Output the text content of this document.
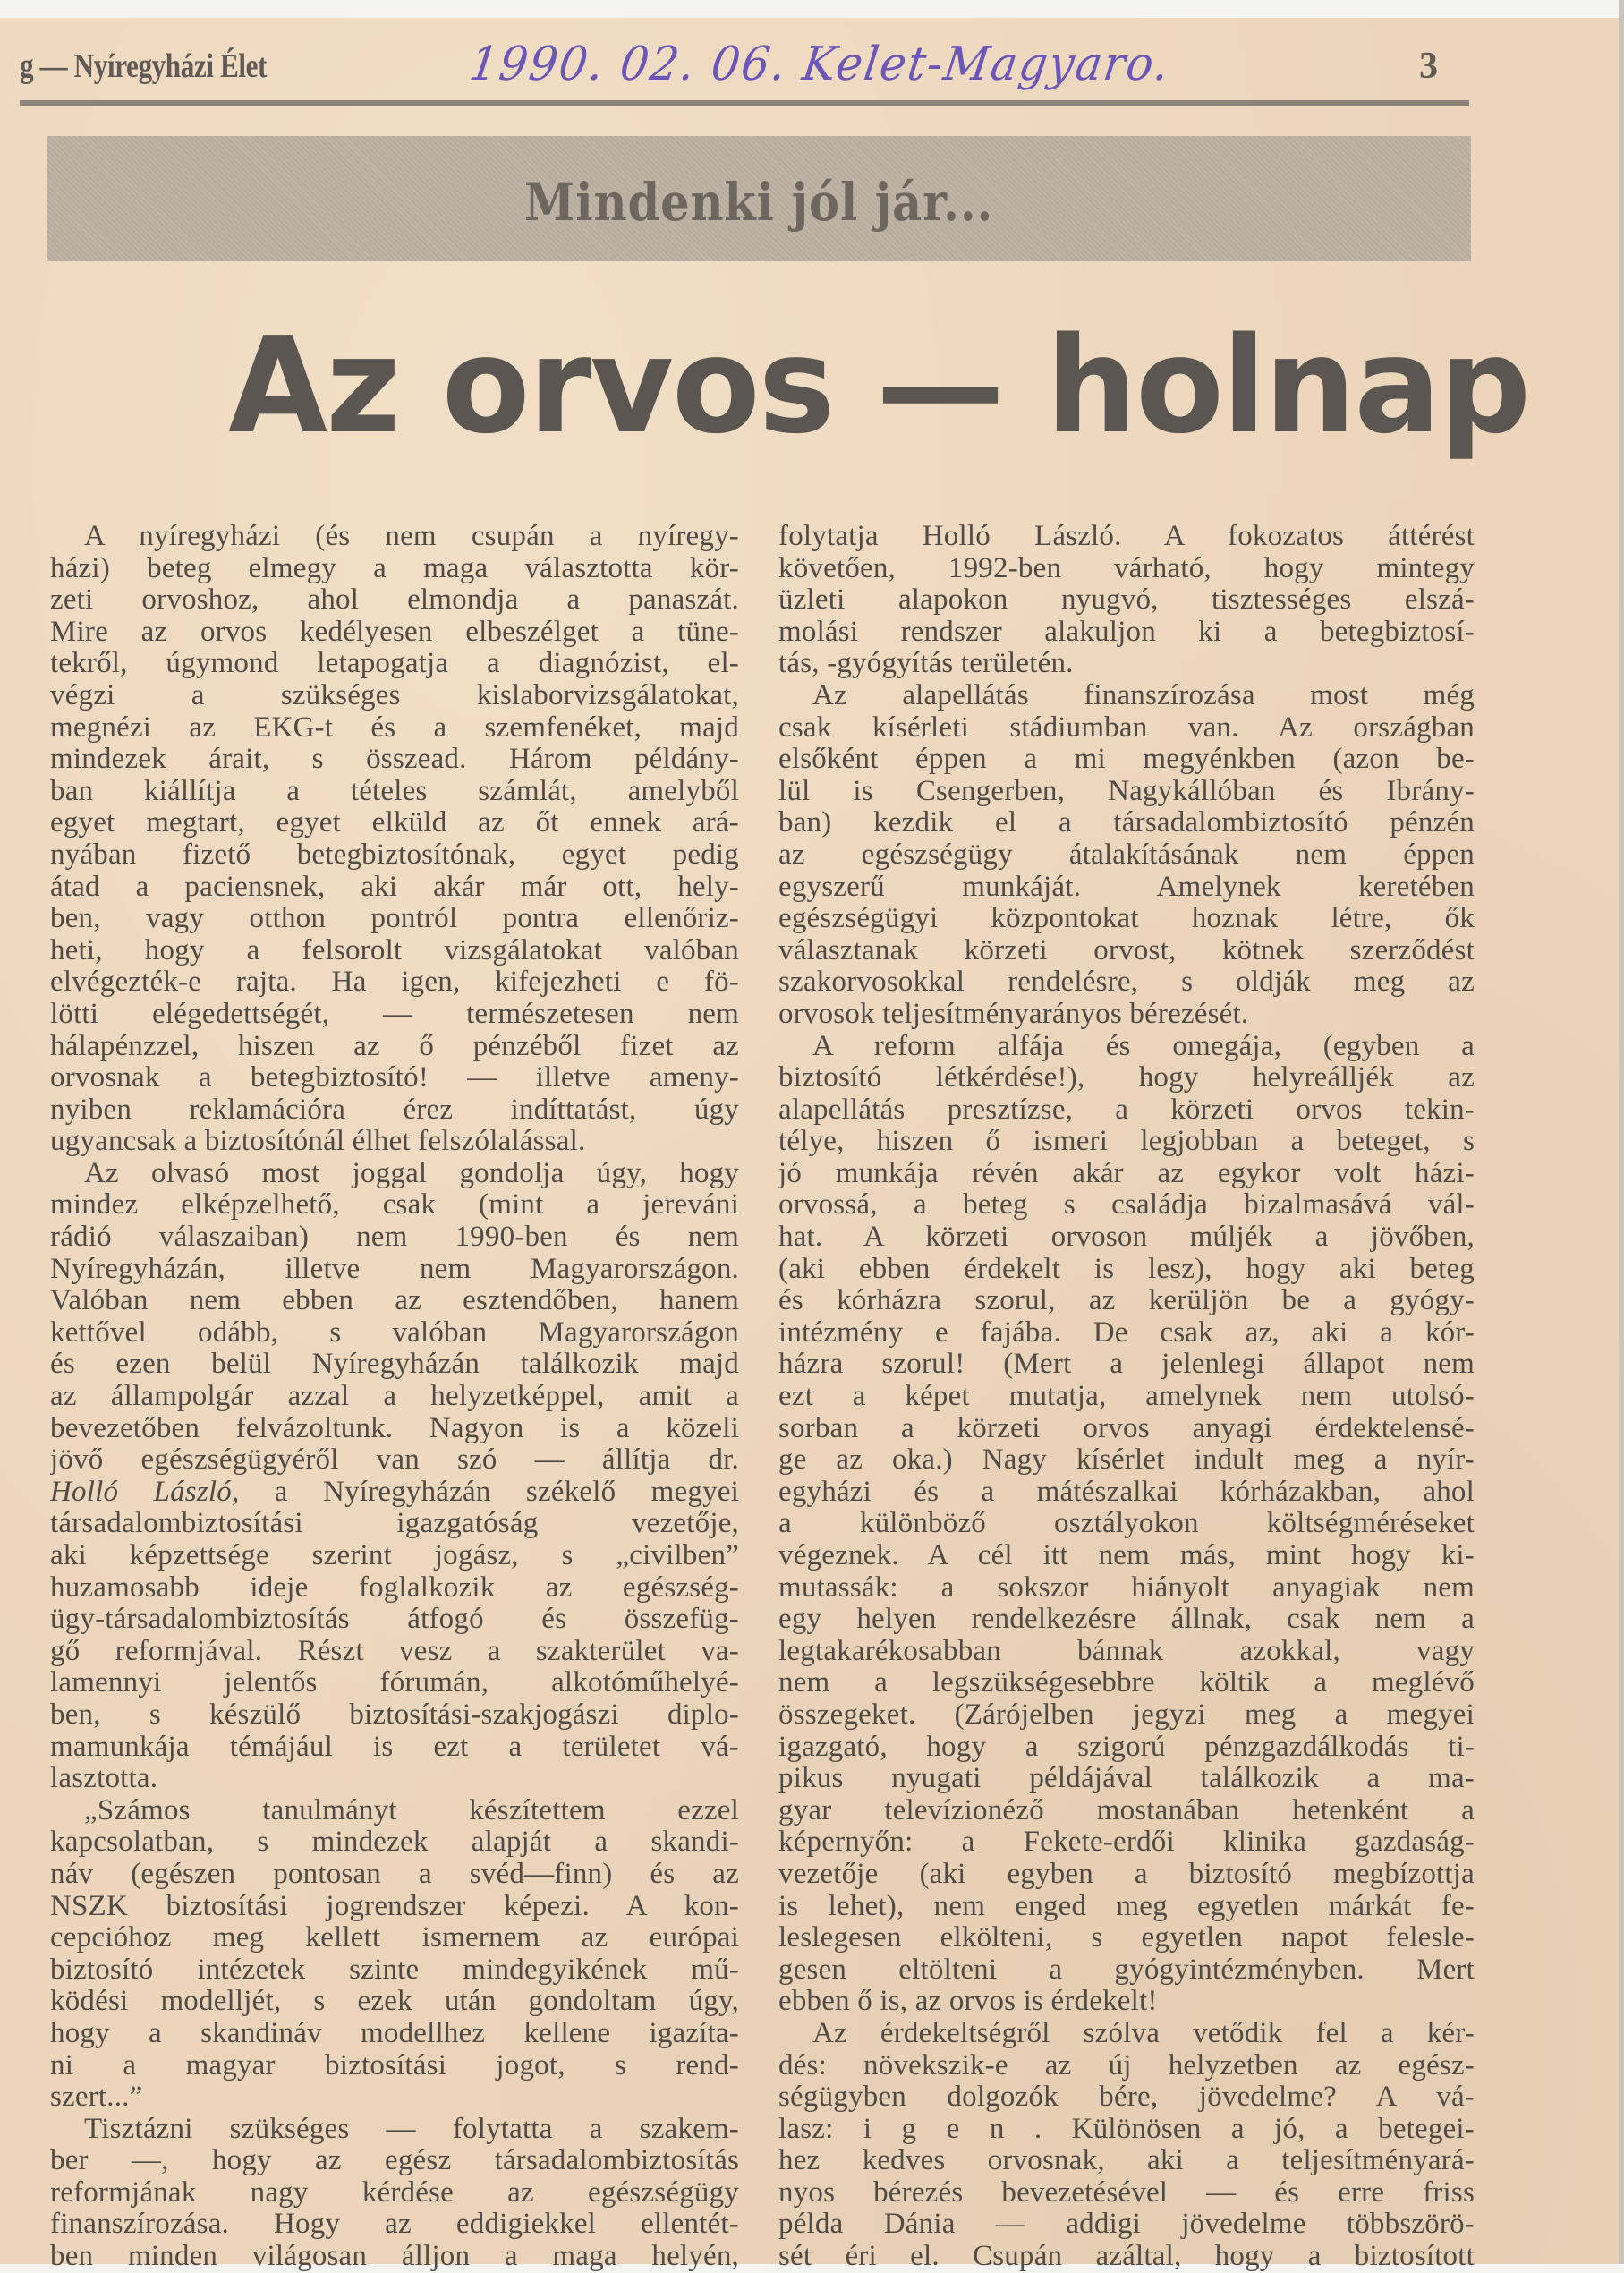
g — Nyíregyházi Élet	1990. 02. 06. Kelet-Magyaro.	3
Mindenki jól jár...
Az orvos — holnap
A nyíregyházi (és nem csupán a nyíregy-
házi) beteg elmegy a maga választotta kör-
zeti orvoshoz, ahol elmondja a panaszát.
Mire az orvos kedélyesen elbeszélget a tüne-
tekről, úgymond letapogatja a diagnózist, el-
végzi a szükséges kislaborvizsgálatokat,
megnézi az EKG-t és a szemfenéket, majd
mindezek árait, s összead. Három példány-
ban kiállítja a tételes számlát, amelyből
egyet megtart, egyet elküld az őt ennek ará-
nyában fizető betegbiztosítónak, egyet pedig
átad a paciensnek, aki akár már ott, hely-
ben, vagy otthon pontról pontra ellenőriz-
heti, hogy a felsorolt vizsgálatokat valóban
elvégezték-e rajta. Ha igen, kifejezheti e fö-
lötti elégedettségét, — természetesen nem
hálapénzzel, hiszen az ő pénzéből fizet az
orvosnak a betegbiztosító! — illetve ameny-
nyiben reklamációra érez indíttatást, úgy
ugyancsak a biztosítónál élhet felszólalással.
Az olvasó most joggal gondolja úgy, hogy
mindez elképzelhető, csak (mint a jereváni
rádió válaszaiban) nem 1990-ben és nem
Nyíregyházán, illetve nem Magyarországon.
Valóban nem ebben az esztendőben, hanem
kettővel odább, s valóban Magyarországon
és ezen belül Nyíregyházán találkozik majd
az állampolgár azzal a helyzetképpel, amit a
bevezetőben felvázoltunk. Nagyon is a közeli
jövő egészségügyéről van szó — állítja dr.
Holló László, a Nyíregyházán székelő megyei
társadalombiztosítási igazgatóság vezetője,
aki képzettsége szerint jogász, s „civilben”
huzamosabb ideje foglalkozik az egészség-
ügy-társadalombiztosítás átfogó és összefüg-
gő reformjával. Részt vesz a szakterület va-
lamennyi jelentős fórumán, alkotóműhelyé-
ben, s készülő biztosítási-szakjogászi diplo-
mamunkája témájául is ezt a területet vá-
lasztotta.
„Számos tanulmányt készítettem ezzel
kapcsolatban, s mindezek alapját a skandi-
náv (egészen pontosan a svéd—finn) és az
NSZK biztosítási jogrendszer képezi. A kon-
cepcióhoz meg kellett ismernem az európai
biztosító intézetek szinte mindegyikének mű-
ködési modelljét, s ezek után gondoltam úgy,
hogy a skandináv modellhez kellene igazíta-
ni a magyar biztosítási jogot, s rend-
szert...”
Tisztázni szükséges — folytatta a szakem-
ber —, hogy az egész társadalombiztosítás
reformjának nagy kérdése az egészségügy
finanszírozása. Hogy az eddigiekkel ellentét-
ben minden világosan álljon a maga helyén,
folytatja Holló László. A fokozatos áttérést
követően, 1992-ben várható, hogy mintegy
üzleti alapokon nyugvó, tisztességes elszá-
molási rendszer alakuljon ki a betegbiztosí-
tás, -gyógyítás területén.
Az alapellátás finanszírozása most még
csak kísérleti stádiumban van. Az országban
elsőként éppen a mi megyénkben (azon be-
lül is Csengerben, Nagykállóban és Ibrány-
ban) kezdik el a társadalombiztosító pénzén
az egészségügy átalakításának nem éppen
egyszerű munkáját. Amelynek keretében
egészségügyi központokat hoznak létre, ők
választanak körzeti orvost, kötnek szerződést
szakorvosokkal rendelésre, s oldják meg az
orvosok teljesítményarányos bérezését.
A reform alfája és omegája, (egyben a
biztosító létkérdése!), hogy helyreálljék az
alapellátás presztízse, a körzeti orvos tekin-
télye, hiszen ő ismeri legjobban a beteget, s
jó munkája révén akár az egykor volt házi-
orvossá, a beteg s családja bizalmasává vál-
hat. A körzeti orvoson múljék a jövőben,
(aki ebben érdekelt is lesz), hogy aki beteg
és kórházra szorul, az kerüljön be a gyógy-
intézmény e fajába. De csak az, aki a kór-
házra szorul! (Mert a jelenlegi állapot nem
ezt a képet mutatja, amelynek nem utolsó-
sorban a körzeti orvos anyagi érdektelensé-
ge az oka.) Nagy kísérlet indult meg a nyír-
egyházi és a mátészalkai kórházakban, ahol
a különböző osztályokon költségméréseket
végeznek. A cél itt nem más, mint hogy ki-
mutassák: a sokszor hiányolt anyagiak nem
egy helyen rendelkezésre állnak, csak nem a
legtakarékosabban bánnak azokkal, vagy
nem a legszükségesebbre költik a meglévő
összegeket. (Zárójelben jegyzi meg a megyei
igazgató, hogy a szigorú pénzgazdálkodás ti-
pikus nyugati példájával találkozik a ma-
gyar televízionéző mostanában hetenként a
képernyőn: a Fekete-erdői klinika gazdaság-
vezetője (aki egyben a biztosító megbízottja
is lehet), nem enged meg egyetlen márkát fe-
leslegesen elkölteni, s egyetlen napot felesle-
gesen eltölteni a gyógyintézményben. Mert
ebben ő is, az orvos is érdekelt!
Az érdekeltségről szólva vetődik fel a kér-
dés: növekszik-e az új helyzetben az egész-
ségügyben dolgozók bére, jövedelme? A vá-
lasz: i g e n . Különösen a jó, a betegei-
hez kedves orvosnak, aki a teljesítményará-
nyos bérezés bevezetésével — és erre friss
példa Dánia — addigi jövedelme többszörö-
sét éri el. Csupán azáltal, hogy a biztosított
